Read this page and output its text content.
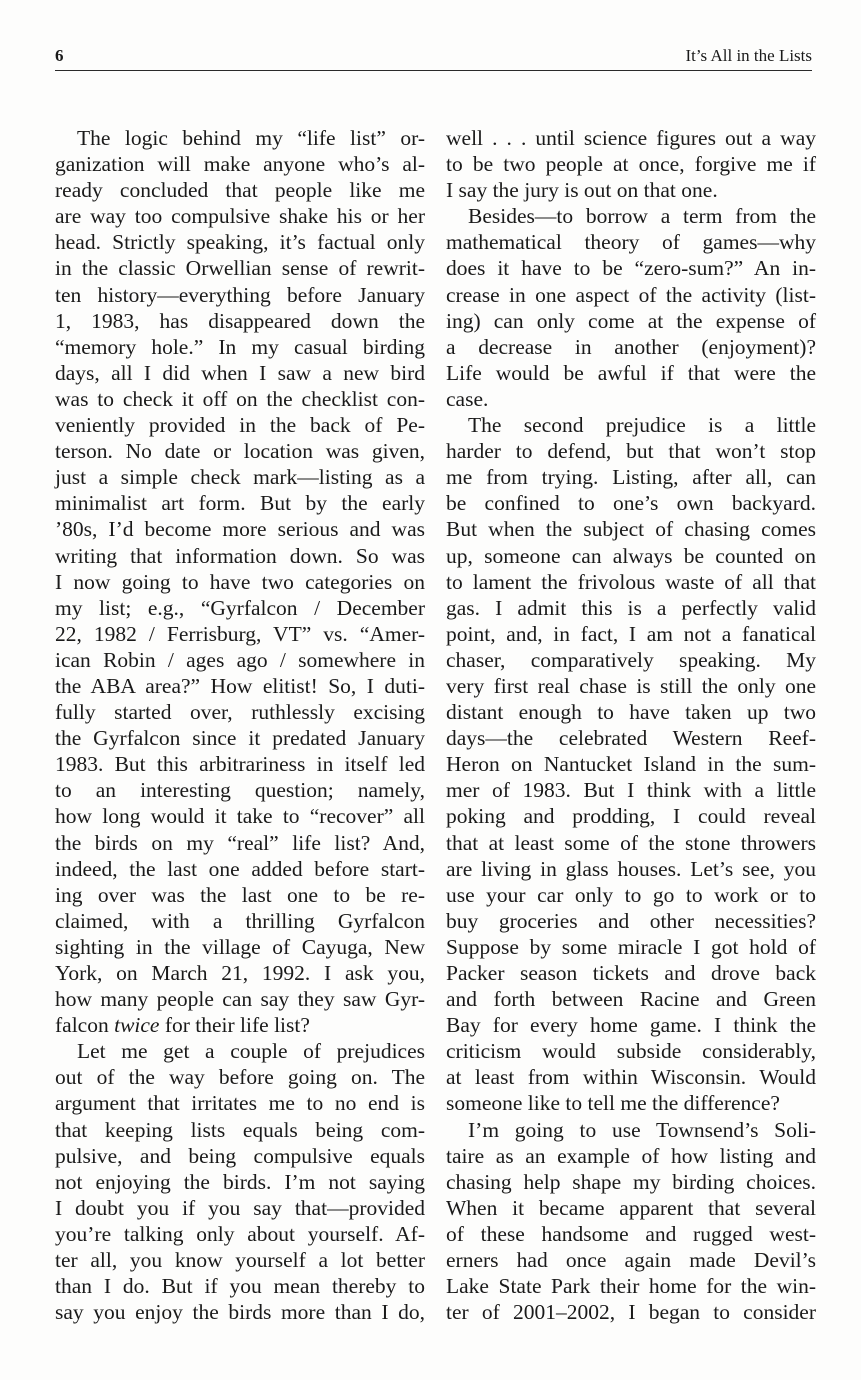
6	It’s All in the Lists
The logic behind my “life list” or-
ganization will make anyone who’s al-
ready concluded that people like me
are way too compulsive shake his or her
head. Strictly speaking, it’s factual only
in the classic Orwellian sense of rewrit-
ten history—everything before January
1, 1983, has disappeared down the
“memory hole.” In my casual birding
days, all I did when I saw a new bird
was to check it off on the checklist con-
veniently provided in the back of Pe-
terson. No date or location was given,
just a simple check mark—listing as a
minimalist art form. But by the early
’80s, I’d become more serious and was
writing that information down. So was
I now going to have two categories on
my list; e.g., “Gyrfalcon / December
22, 1982 / Ferrisburg, VT” vs. “Amer-
ican Robin / ages ago / somewhere in
the ABA area?” How elitist! So, I duti-
fully started over, ruthlessly excising
the Gyrfalcon since it predated January
1983. But this arbitrariness in itself led
to an interesting question; namely,
how long would it take to “recover” all
the birds on my “real” life list? And,
indeed, the last one added before start-
ing over was the last one to be re-
claimed, with a thrilling Gyrfalcon
sighting in the village of Cayuga, New
York, on March 21, 1992. I ask you,
how many people can say they saw Gyr-
falcon twice for their life list?
Let me get a couple of prejudices
out of the way before going on. The
argument that irritates me to no end is
that keeping lists equals being com-
pulsive, and being compulsive equals
not enjoying the birds. I’m not saying
I doubt you if you say that—provided
you’re talking only about yourself. Af-
ter all, you know yourself a lot better
than I do. But if you mean thereby to
say you enjoy the birds more than I do,
well . . . until science figures out a way
to be two people at once, forgive me if
I say the jury is out on that one.
Besides—to borrow a term from the
mathematical theory of games—why
does it have to be “zero-sum?” An in-
crease in one aspect of the activity (list-
ing) can only come at the expense of
a decrease in another (enjoyment)?
Life would be awful if that were the
case.
The second prejudice is a little
harder to defend, but that won’t stop
me from trying. Listing, after all, can
be confined to one’s own backyard.
But when the subject of chasing comes
up, someone can always be counted on
to lament the frivolous waste of all that
gas. I admit this is a perfectly valid
point, and, in fact, I am not a fanatical
chaser, comparatively speaking. My
very first real chase is still the only one
distant enough to have taken up two
days—the celebrated Western Reef-
Heron on Nantucket Island in the sum-
mer of 1983. But I think with a little
poking and prodding, I could reveal
that at least some of the stone throwers
are living in glass houses. Let’s see, you
use your car only to go to work or to
buy groceries and other necessities?
Suppose by some miracle I got hold of
Packer season tickets and drove back
and forth between Racine and Green
Bay for every home game. I think the
criticism would subside considerably,
at least from within Wisconsin. Would
someone like to tell me the difference?
I’m going to use Townsend’s Soli-
taire as an example of how listing and
chasing help shape my birding choices.
When it became apparent that several
of these handsome and rugged west-
erners had once again made Devil’s
Lake State Park their home for the win-
ter of 2001–2002, I began to consider
